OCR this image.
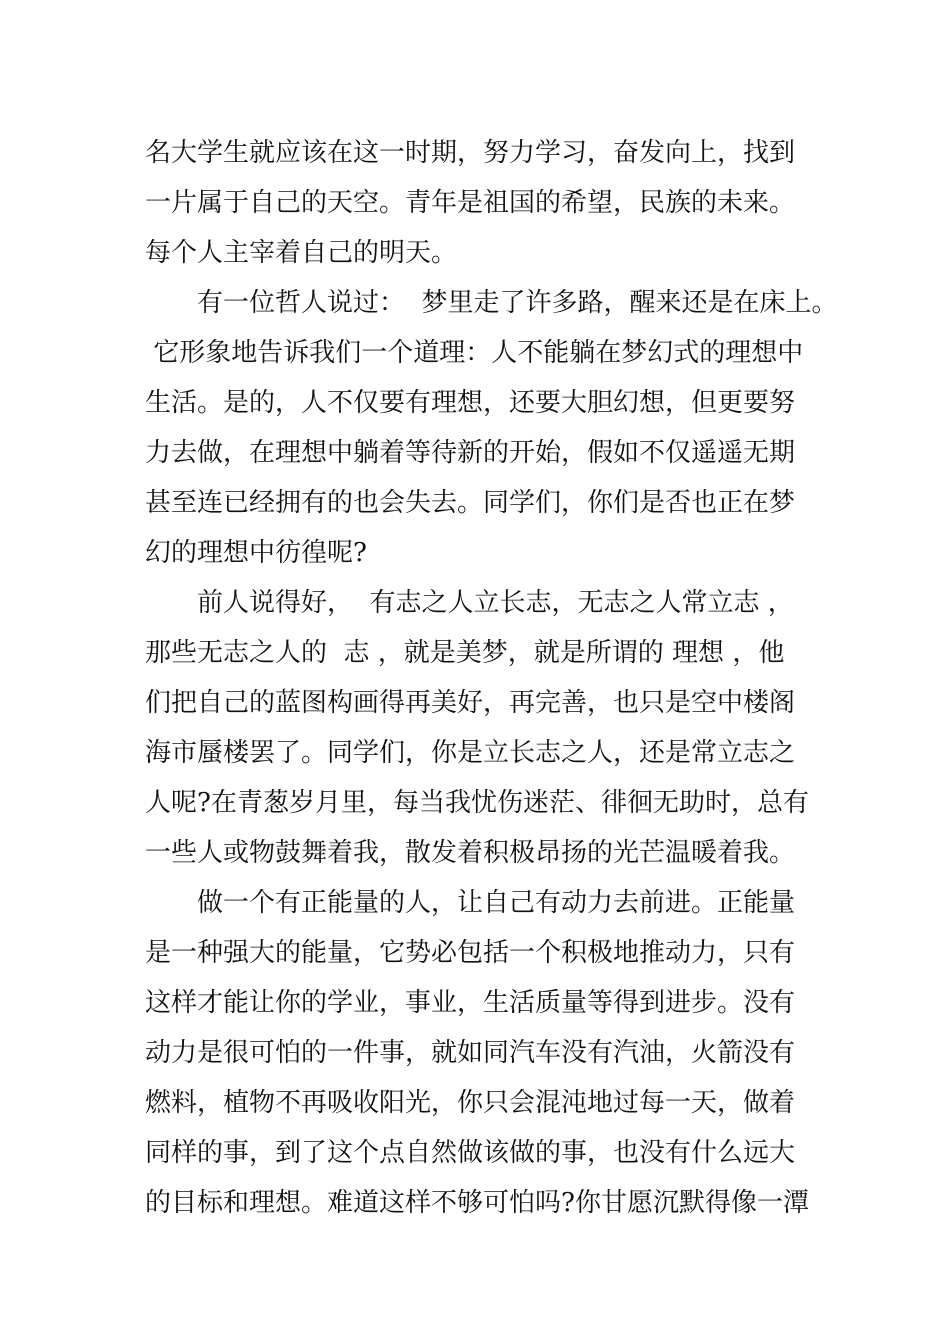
名大学生就应该在这一时期，努力学习，奋发向上，找到
一片属于自己的天空。青年是祖国的希望，民族的未来。
每个人主宰着自己的明天。
有一位哲人说过：  梦里走了许多路，醒来还是在床上。
它形象地告诉我们一个道理：人不能躺在梦幻式的理想中
生活。是的，人不仅要有理想，还要大胆幻想，但更要努
力去做，在理想中躺着等待新的开始，假如不仅遥遥无期
甚至连已经拥有的也会失去。同学们，你们是否也正在梦
幻的理想中彷徨呢?
前人说得好，  有志之人立长志，无志之人常立志 ，
那些无志之人的  志 ，就是美梦，就是所谓的 理想 ，他
们把自己的蓝图构画得再美好，再完善，也只是空中楼阁
海市蜃楼罢了。同学们，你是立长志之人，还是常立志之
人呢?在青葱岁月里，每当我忧伤迷茫、徘徊无助时，总有
一些人或物鼓舞着我，散发着积极昂扬的光芒温暖着我。
做一个有正能量的人，让自己有动力去前进。正能量
是一种强大的能量，它势必包括一个积极地推动力，只有
这样才能让你的学业，事业，生活质量等得到进步。没有
动力是很可怕的一件事，就如同汽车没有汽油，火箭没有
燃料，植物不再吸收阳光，你只会混沌地过每一天，做着
同样的事，到了这个点自然做该做的事，也没有什么远大
的目标和理想。难道这样不够可怕吗?你甘愿沉默得像一潭
